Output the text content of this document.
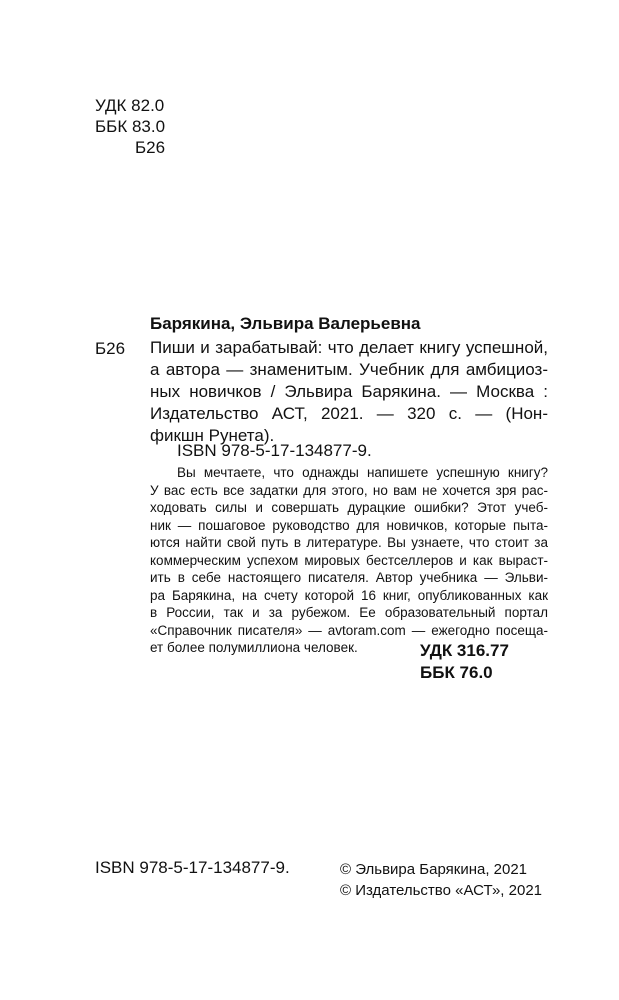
УДК 82.0
ББК 83.0
Б26
Барякина, Эльвира Валерьевна
Б26 Пиши и зарабатывай: что делает книгу успешной,
а автора — знаменитым. Учебник для амбициоз-
ных новичков / Эльвира Барякина. — Москва :
Издательство АСТ, 2021. — 320 с. — (Нон-
фикшн Рунета).
ISBN 978-5-17-134877-9.
Вы мечтаете, что однажды напишете успешную книгу?
У вас есть все задатки для этого, но вам не хочется зря рас-
ходовать силы и совершать дурацкие ошибки? Этот учеб-
ник — пошаговое руководство для новичков, которые пыта-
ются найти свой путь в литературе. Вы узнаете, что стоит за
коммерческим успехом мировых бестселлеров и как выраст-
ить в себе настоящего писателя. Автор учебника — Эльви-
ра Барякина, на счету которой 16 книг, опубликованных как
в России, так и за рубежом. Ее образовательный портал
«Справочник писателя» — avtoram.com — ежегодно посеща-
ет более полумиллиона человек.	УДК 316.77
ББК 76.0
ISBN 978-5-17-134877-9.	© Эльвира Барякина, 2021
© Издательство «АСТ», 2021
